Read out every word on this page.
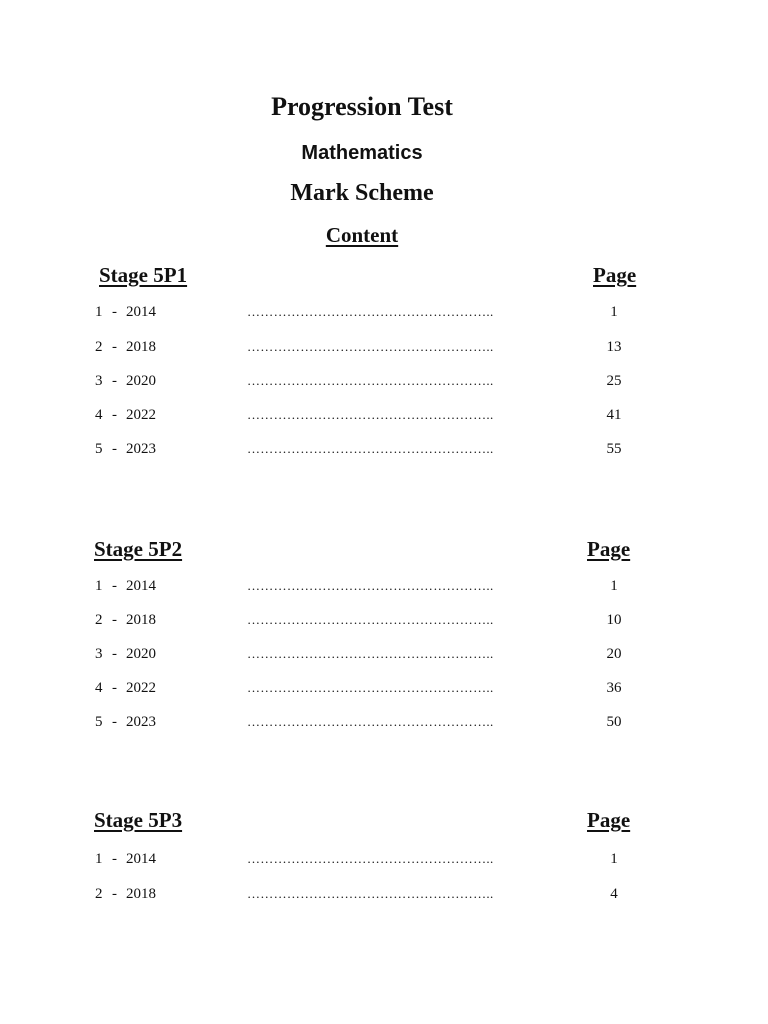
Progression Test
Mathematics
Mark Scheme
Content
Stage 5P1	Page
1 - 2014	………………………………………………..	1
2 - 2018	………………………………………………..	13
3 - 2020	………………………………………………..	25
4 - 2022	………………………………………………..	41
5 - 2023	………………………………………………..	55
Stage 5P2	Page
1 - 2014	………………………………………………..	1
2 - 2018	………………………………………………..	10
3 - 2020	………………………………………………..	20
4 - 2022	………………………………………………..	36
5 - 2023	………………………………………………..	50
Stage 5P3	Page
1 - 2014	………………………………………………..	1
2 - 2018	………………………………………………..	4
